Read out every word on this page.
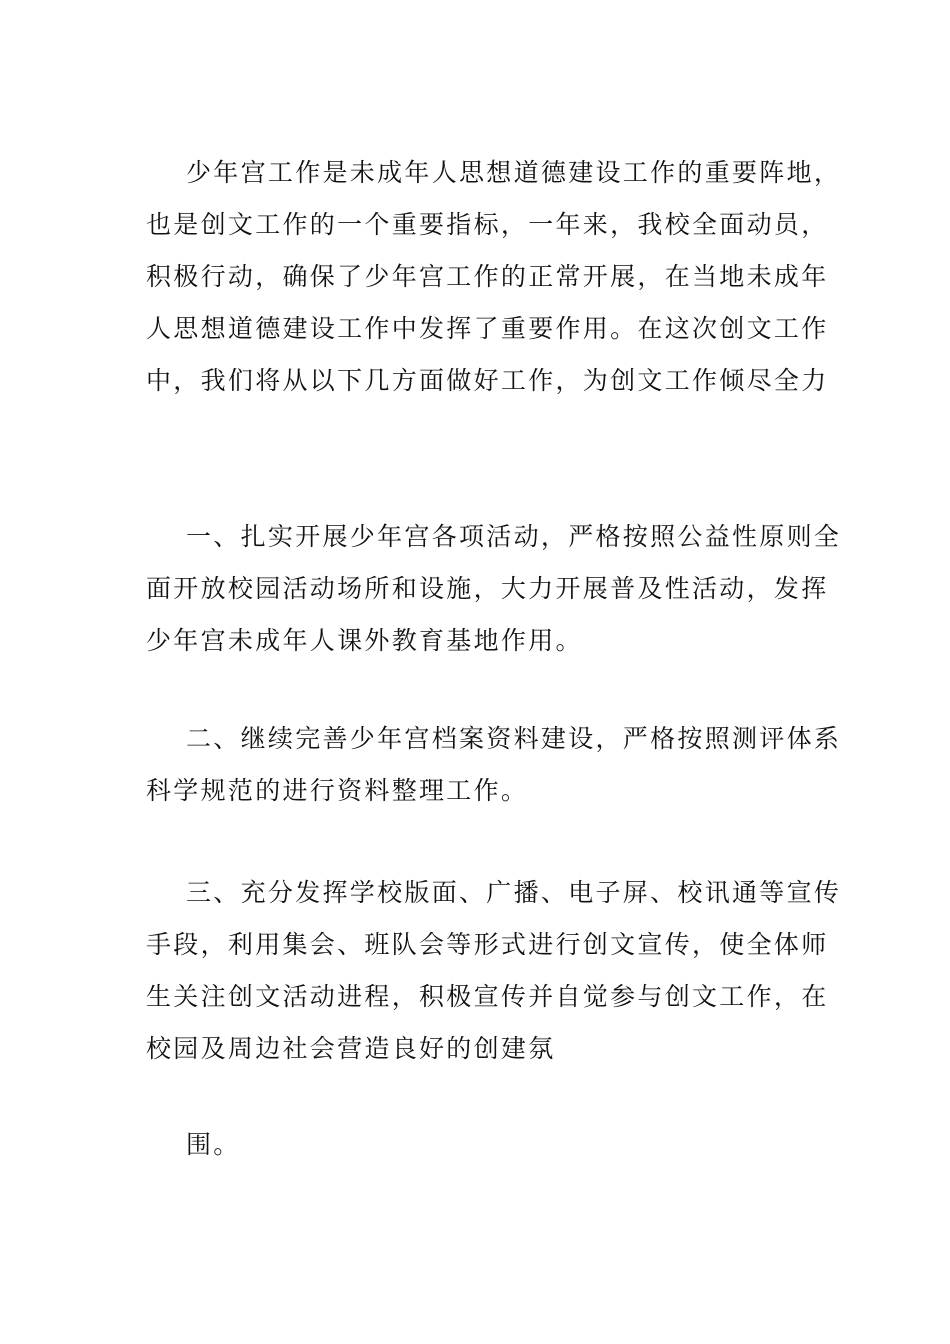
少年宫工作是未成年人思想道德建设工作的重要阵地，
也是创文工作的一个重要指标，一年来，我校全面动员，
积极行动，确保了少年宫工作的正常开展，在当地未成年
人思想道德建设工作中发挥了重要作用。在这次创文工作
中，我们将从以下几方面做好工作，为创文工作倾尽全力
一、扎实开展少年宫各项活动，严格按照公益性原则全
面开放校园活动场所和设施，大力开展普及性活动，发挥
少年宫未成年人课外教育基地作用。
二、继续完善少年宫档案资料建设，严格按照测评体系
科学规范的进行资料整理工作。
三、充分发挥学校版面、广播、电子屏、校讯通等宣传
手段，利用集会、班队会等形式进行创文宣传，使全体师
生关注创文活动进程，积极宣传并自觉参与创文工作，在
校园及周边社会营造良好的创建氛
围。
